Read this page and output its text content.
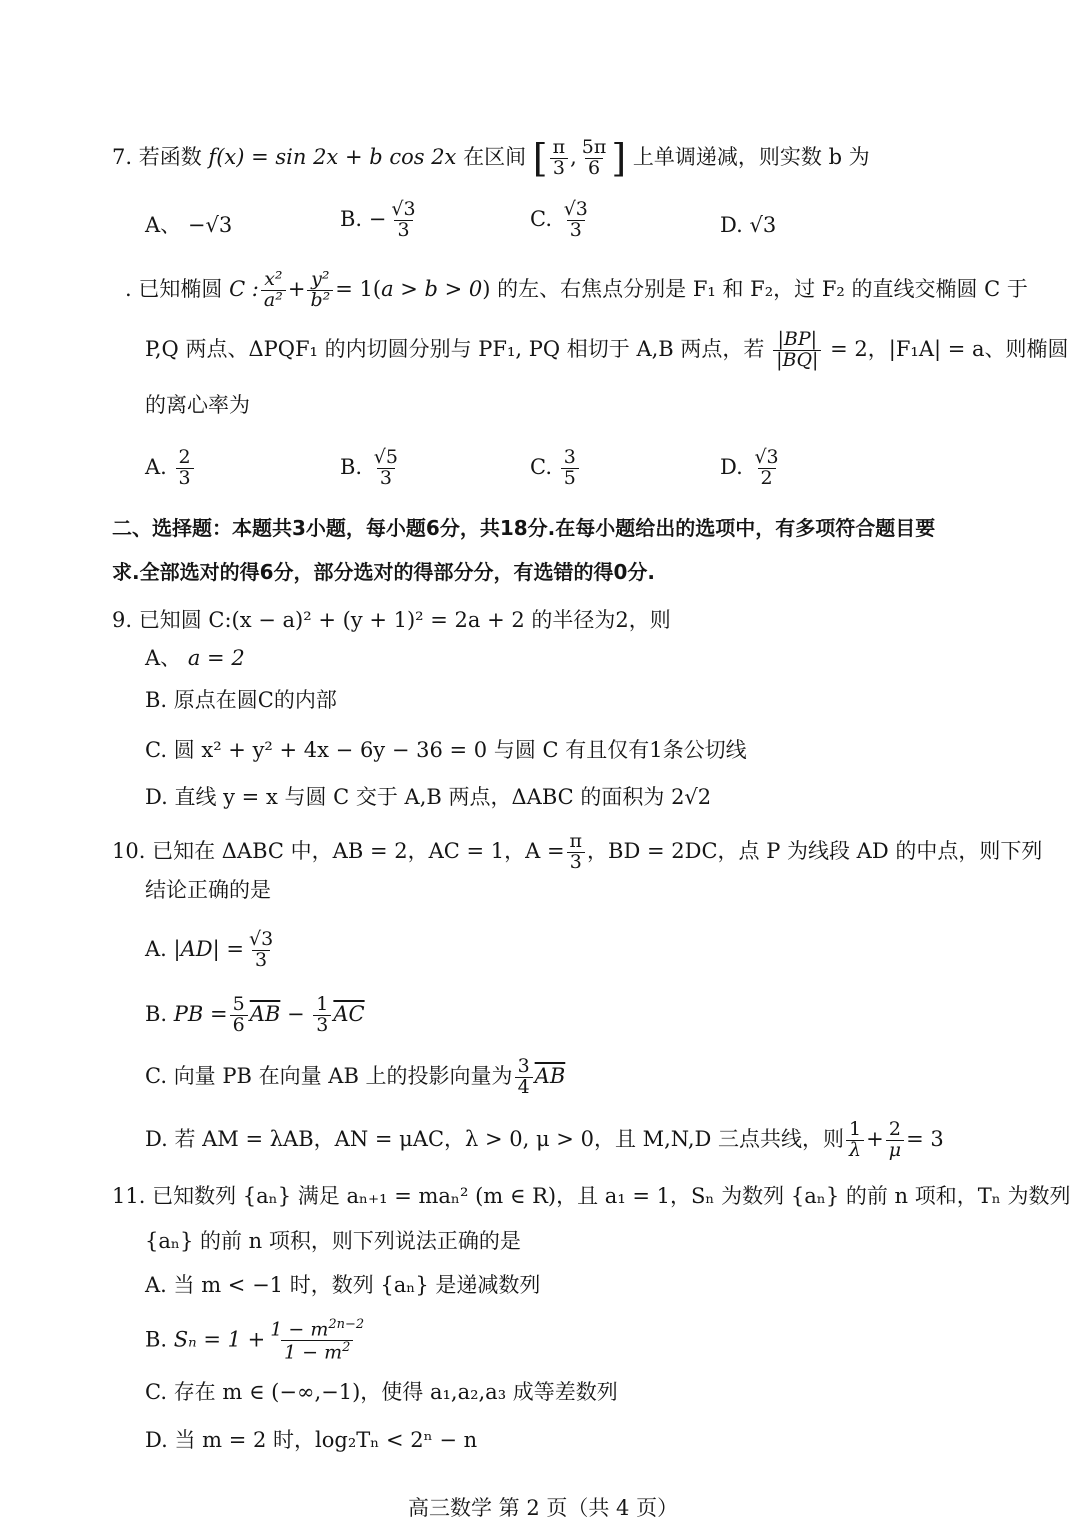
7. 若函数 f(x) = sin 2x + b cos 2x 在区间 [ $\frac{\pi}{3}$ , $\frac{5\pi}{6}$ ] 上单调递减，则实数 b 为
A、 −√3	B. − $\frac{√3}{3}$	C. $\frac{√3}{3}$	D. √3
. 已知椭圆 C : $\frac{\text{x²}}{\text{a²}} + \frac{\text{y²}}{\text{b²}} = 1(a > b > 0)$ 的左、右焦点分别是 F₁ 和 F₂，过 F₂ 的直线交椭圆 C 于
P,Q 两点、ΔPQF₁ 的内切圆分别与 PF₁, PQ 相切于 A,B 两点，若 $\frac{|BP|}{|BQ|} = 2$，|F₁A| = a、则椭圆
的离心率为
A. $\frac{2}{3}$	B. $\frac{√5}{3}$	C. $\frac{3}{5}$	D. $\frac{√3}{2}$
二、选择题：本题共3小题，每小题6分，共18分.在每小题给出的选项中，有多项符合题目要
求.全部选对的得6分，部分选对的得部分分，有选错的得0分.
9. 已知圆 C:(x − a)² + (y + 1)² = 2a + 2 的半径为2，则
A、 a = 2
B. 原点在圆C的内部
C. 圆 x² + y² + 4x − 6y − 36 = 0 与圆 C 有且仅有1条公切线
D. 直线 y = x 与圆 C 交于 A,B 两点，ΔABC 的面积为 2√2
10. 已知在 ΔABC 中，AB = 2，AC = 1，$A = \frac{\pi}{3}$ ，BD = 2DC，点 P 为线段 AD 的中点，则下列
结论正确的是
A. $|AD| = \frac{√3}{3}$
B. PB = $\frac{5}{6} \overline{AB} - \frac{1}{3} \overline{AC}$
C. 向量 PB 在向量 AB 上的投影向量为 $\frac{3}{4} \overline{AB}$
D. 若 AM = λAB，AN = μAC，λ > 0, μ > 0，且 M,N,D 三点共线，则 $\frac{1}{\lambda} + \frac{2}{\mu} = 3$
11. 已知数列 {aₙ} 满足 aₙ₊₁ = maₙ² (m ∈ R)，且 a₁ = 1，Sₙ 为数列 {aₙ} 的前 n 项和，Tₙ 为数列
{aₙ} 的前 n 项积，则下列说法正确的是
A. 当 m < −1 时，数列 {aₙ} 是递减数列
B. $S_n = 1 + \frac{1 - m^{2n-2}}{1 - m^2}$
C. 存在 m ∈ (−∞,−1)，使得 a₁,a₂,a₃ 成等差数列
D. 当 m = 2 时，log₂Tₙ < 2ⁿ − n
高三数学 第 2 页（共 4 页）
